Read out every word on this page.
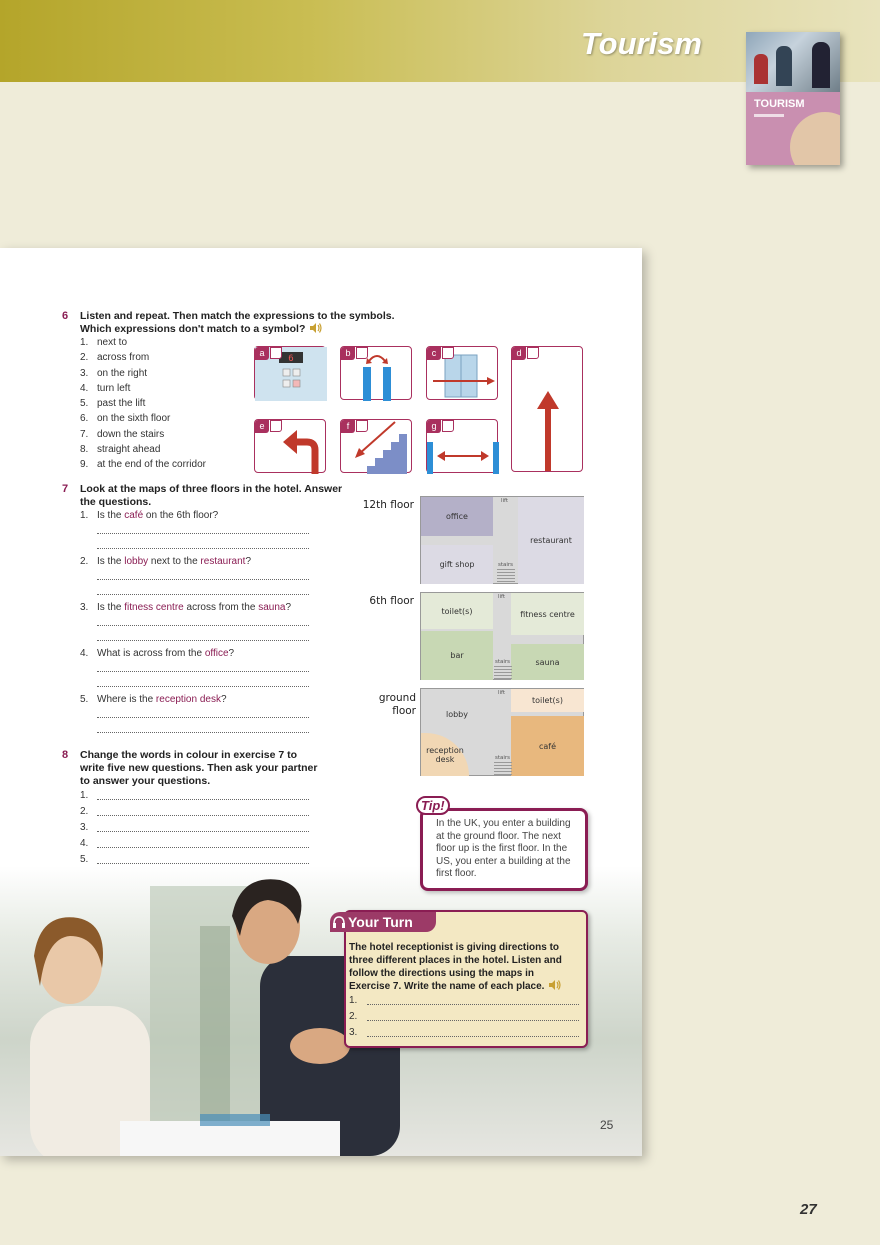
Tourism
TOURISM
6 Listen and repeat. Then match the expressions to the symbols.
Which expressions don't match to a symbol?
1. next to
2. across from
3. on the right
4. turn left
5. past the lift
6. on the sixth floor
7. down the stairs
8. straight ahead
9. at the end of the corridor
6
a	b	c	d
e	f	g
7 Look at the maps of three floors in the hotel. Answer
the questions.
1. Is the café on the 6th floor?
2. Is the lobby next to the restaurant?
3. Is the fitness centre across from the sauna?
4. What is across from the office?
5. Where is the reception desk?
12th floor
office
restaurant
gift shop
lift
stairs
6th floor
toilet(s)	fitness centre
bar
sauna
lift
stairs
ground
floor	lobby
toilet(s)
café
reception
desk
lift
stairs
8 Change the words in colour in exercise 7 to
write five new questions. Then ask your partner
to answer your questions.
1.
2.
3.
4.
5.
Tip!
In the UK, you enter a building at the ground floor. The next floor up is the first floor. In the US, you enter a building at the first floor.
Your Turn
The hotel receptionist is giving directions to three different places in the hotel. Listen and follow the directions using the maps in Exercise 7. Write the name of each place.
1.
2.
3.
25
27
